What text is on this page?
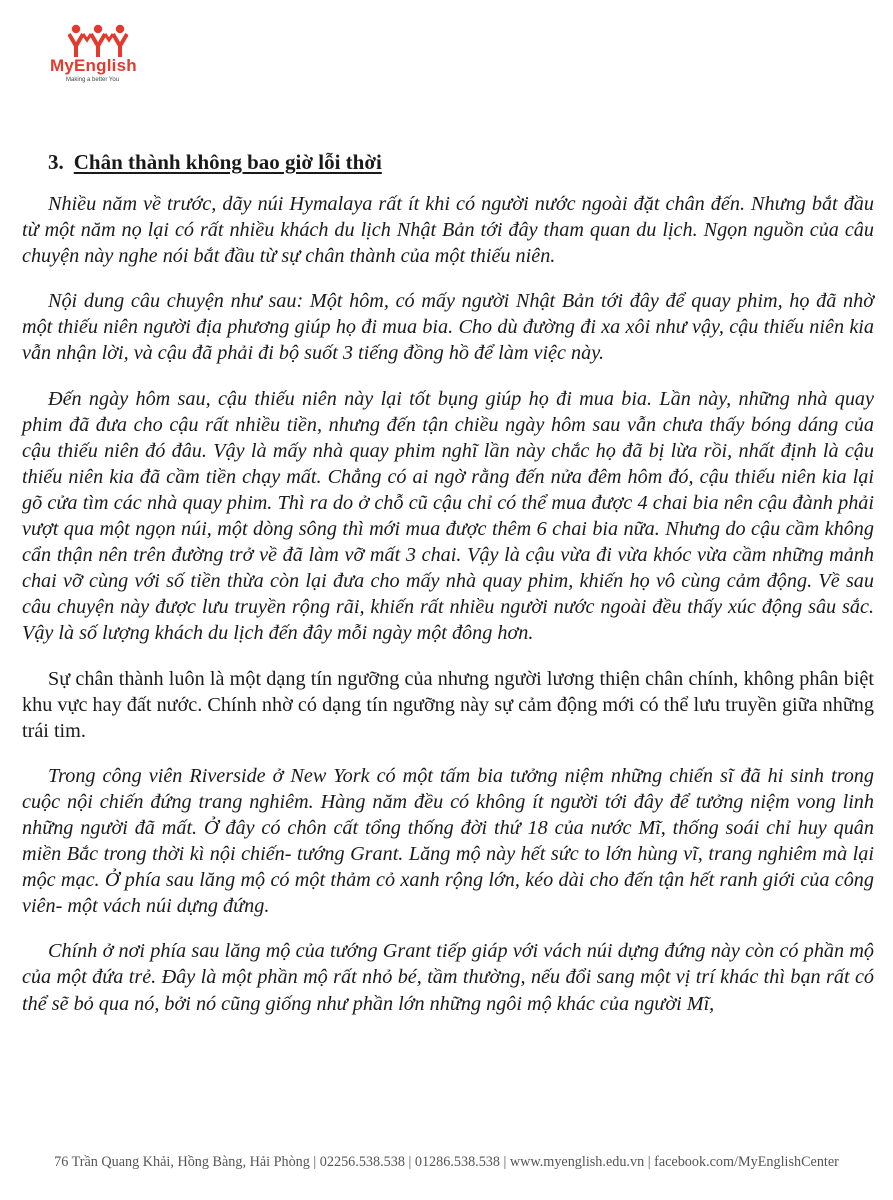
MyEnglish
Making a better You
3. Chân thành không bao giờ lỗi thời

Nhiều năm về trước, dãy núi Hymalaya rất ít khi có người nước ngoài đặt chân đến. Nhưng bắt đầu từ một năm nọ lại có rất nhiều khách du lịch Nhật Bản tới đây tham quan du lịch. Ngọn nguồn của câu chuyện này nghe nói bắt đầu từ sự chân thành của một thiếu niên.

Nội dung câu chuyện như sau: Một hôm, có mấy người Nhật Bản tới đây để quay phim, họ đã nhờ một thiếu niên người địa phương giúp họ đi mua bia. Cho dù đường đi xa xôi như vậy, cậu thiếu niên kia vẫn nhận lời, và cậu đã phải đi bộ suốt 3 tiếng đồng hồ để làm việc này.

Đến ngày hôm sau, cậu thiếu niên này lại tốt bụng giúp họ đi mua bia. Lần này, những nhà quay phim đã đưa cho cậu rất nhiều tiền, nhưng đến tận chiều ngày hôm sau vẫn chưa thấy bóng dáng của cậu thiếu niên đó đâu. Vậy là mấy nhà quay phim nghĩ lần này chắc họ đã bị lừa rồi, nhất định là cậu thiếu niên kia đã cầm tiền chạy mất. Chẳng có ai ngờ rằng đến nửa đêm hôm đó, cậu thiếu niên kia lại gõ cửa tìm các nhà quay phim. Thì ra do ở chỗ cũ cậu chỉ có thể mua được 4 chai bia nên cậu đành phải vượt qua một ngọn núi, một dòng sông thì mới mua được thêm 6 chai bia nữa. Nhưng do cậu cầm không cẩn thận nên trên đường trở về đã làm vỡ mất 3 chai. Vậy là cậu vừa đi vừa khóc vừa cầm những mảnh chai vỡ cùng với số tiền thừa còn lại đưa cho mấy nhà quay phim, khiến họ vô cùng cảm động. Về sau câu chuyện này được lưu truyền rộng rãi, khiến rất nhiều người nước ngoài đều thấy xúc động sâu sắc. Vậy là số lượng khách du lịch đến đây mỗi ngày một đông hơn.

Sự chân thành luôn là một dạng tín ngưỡng của nhưng người lương thiện chân chính, không phân biệt khu vực hay đất nước. Chính nhờ có dạng tín ngưỡng này sự cảm động mới có thể lưu truyền giữa những trái tim.

Trong công viên Riverside ở New York có một tấm bia tưởng niệm những chiến sĩ đã hi sinh trong cuộc nội chiến đứng trang nghiêm. Hàng năm đều có không ít người tới đây để tưởng niệm vong linh những người đã mất. Ở đây có chôn cất tổng thống đời thứ 18 của nước Mĩ, thống soái chỉ huy quân miền Bắc trong thời kì nội chiến- tướng Grant. Lăng mộ này hết sức to lớn hùng vĩ, trang nghiêm mà lại mộc mạc. Ở phía sau lăng mộ có một thảm cỏ xanh rộng lớn, kéo dài cho đến tận hết ranh giới của công viên- một vách núi dựng đứng.

Chính ở nơi phía sau lăng mộ của tướng Grant tiếp giáp với vách núi dựng đứng này còn có phần mộ của một đứa trẻ. Đây là một phần mộ rất nhỏ bé, tầm thường, nếu đổi sang một vị trí khác thì bạn rất có thể sẽ bỏ qua nó, bởi nó cũng giống như phần lớn những ngôi mộ khác của người Mĩ,

76 Trần Quang Khải, Hồng Bàng, Hải Phòng | 02256.538.538 | 01286.538.538 | www.myenglish.edu.vn | facebook.com/MyEnglishCenter
